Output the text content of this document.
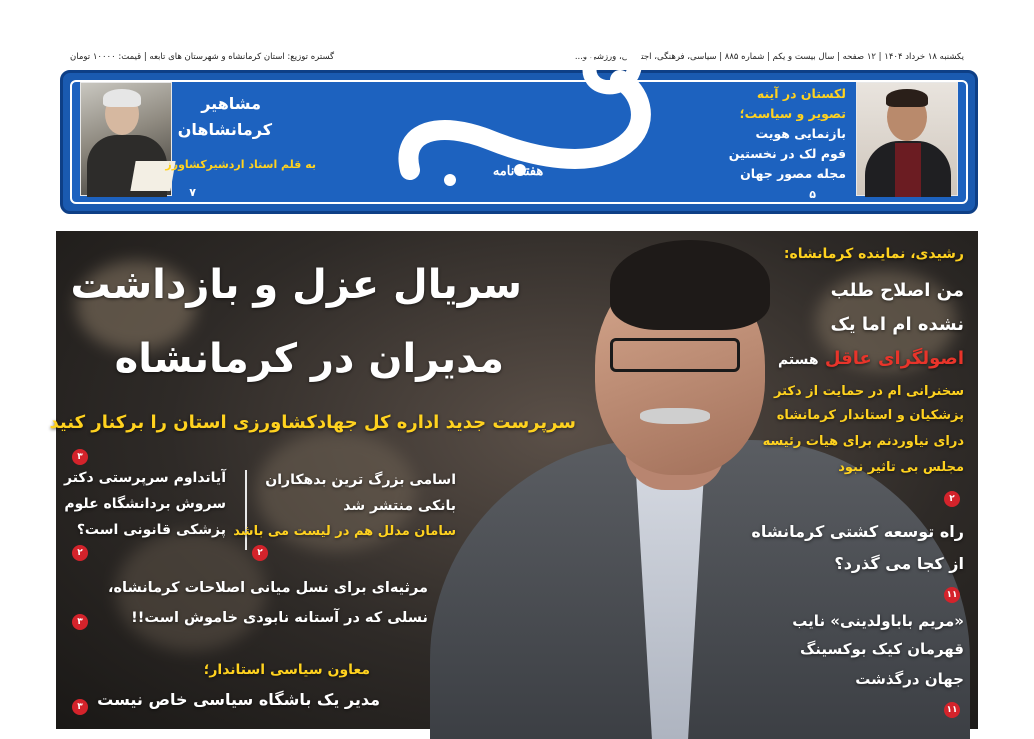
یکشنبه ۱۸ خرداد ۱۴۰۴ | ۱۲ صفحه | سال بیست و یکم | شماره ۸۸۵ | سیاسی، فرهنگی، اجتماعی، ورزشی و...
گستره توزیع: استان کرمانشاه و شهرستان های تابعه | قیمت: ۱۰۰۰۰ تومان
مشاهیر
کرمانشاهان
به قلم استاد اردشیرکشاورز
۷
هفته نامه
لکستان در آینه
تصویر و سیاست؛
بازنمایی هویت
قوم لک در نخستین
مجله مصور جهان
۵
سریال عزل و بازداشت
مدیران در کرمانشاه
سرپرست جدید اداره کل جهادکشاورزی استان را برکنار کنید
۳
رشیدی، نماینده کرمانشاه:
من اصلاح طلب
نشده ام اما یک
اصولگرای عاقل هستم
سخنرانی ام در حمایت از دکتر
پزشکیان و استاندار کرمانشاه
درای نیاوردنم برای هیات رئیسه
مجلس بی تاثیر نبود
۲
راه توسعه کشتی کرمانشاه
از کجا می گذرد؟
۱۱
«مریم باباولدینی» نایب
قهرمان کیک بوکسینگ
جهان درگذشت
۱۱
آیاتداوم سرپرستی دکتر
سروش بردانشگاه علوم
پزشکی قانونی است؟
۲
اسامی بزرگ ترین بدهکاران
بانکی منتشر شد
سامان مدلل هم در لیست می باشد
۲
مرثیه‌ای برای نسل میانی اصلاحات کرمانشاه،
نسلی که در آستانه نابودی خاموش است!!
۳
معاون سیاسی استاندار؛
مدیر یک باشگاه سیاسی خاص نیست
۳
